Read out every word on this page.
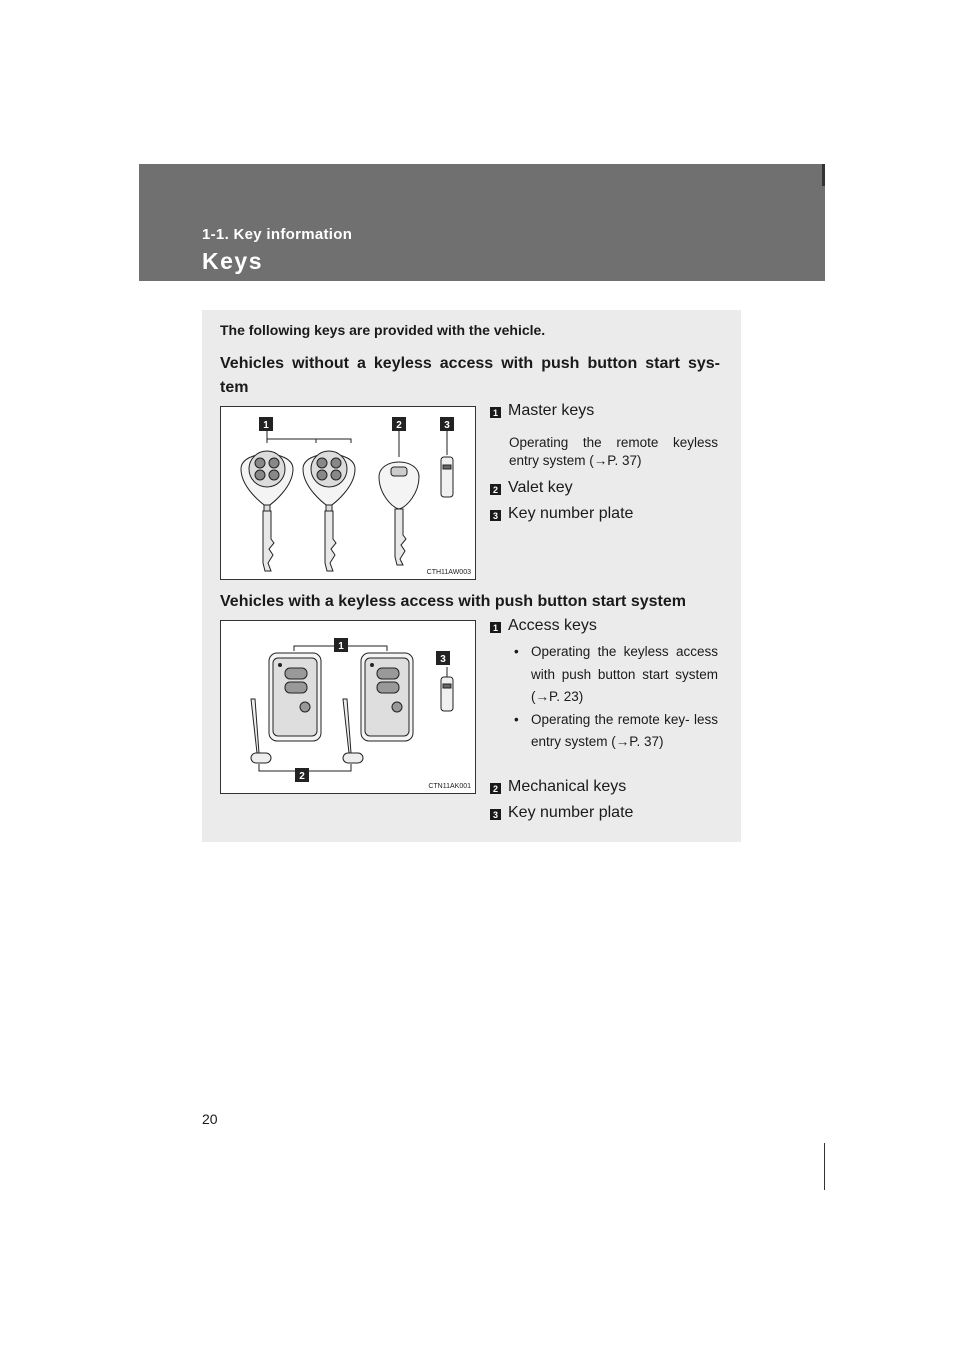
1-1. Key information
Keys
The following keys are provided with the vehicle.
Vehicles without a keyless access with push button start sys- tem
1	2	3
CTH11AW003
1 Master keys
Operating the remote keyless entry system (→P. 37)
2 Valet key
3 Key number plate
Vehicles with a keyless access with push button start system
1
2
3
CTN11AK001
1 Access keys
• Operating the keyless access with push button start system (→P. 23)
• Operating the remote key- less entry system (→P. 37)
2 Mechanical keys
3 Key number plate
20
